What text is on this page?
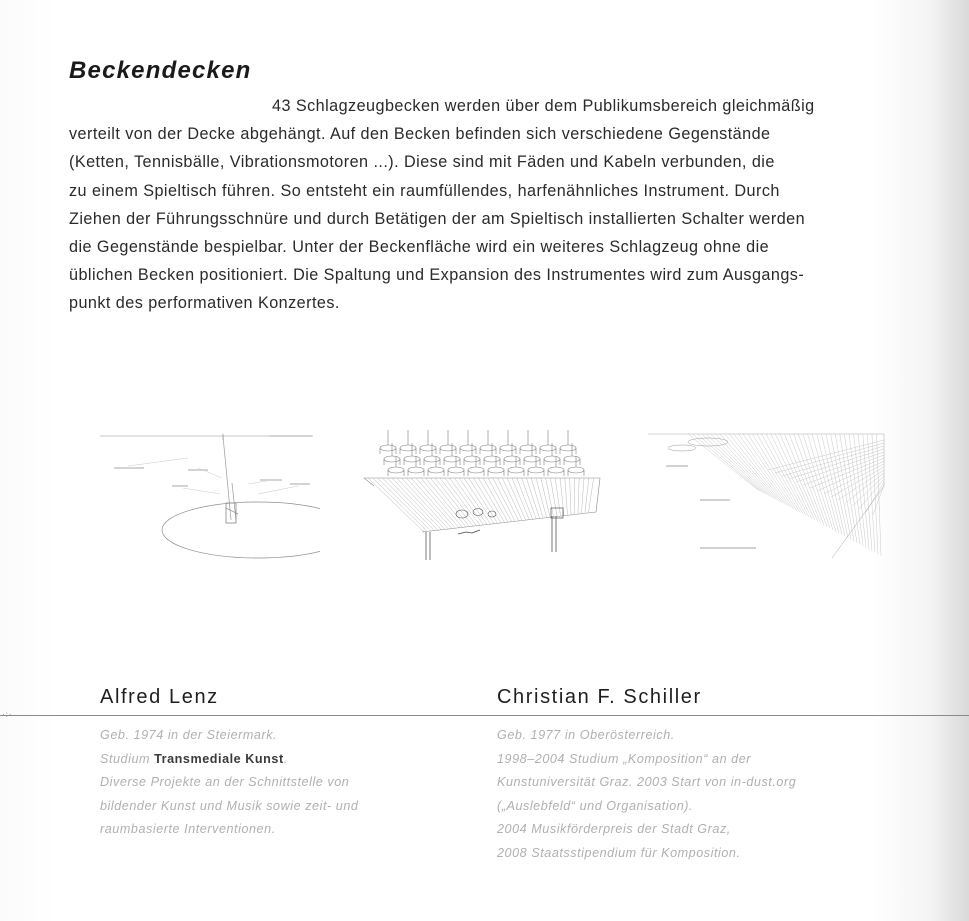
Beckendecken

43 Schlagzeugbecken werden über dem Publikumsbereich gleichmäßig
verteilt von der Decke abgehängt. Auf den Becken befinden sich verschiedene Gegenstände
(Ketten, Tennisbälle, Vibrationsmotoren ...). Diese sind mit Fäden und Kabeln verbunden, die
zu einem Spieltisch führen. So entsteht ein raumfüllendes, harfenähnliches Instrument. Durch
Ziehen der Führungsschnüre und durch Betätigen der am Spieltisch installierten Schalter werden
die Gegenstände bespielbar. Unter der Beckenfläche wird ein weiteres Schlagzeug ohne die
üblichen Becken positioniert. Die Spaltung und Expansion des Instrumentes wird zum Ausgangs-
punkt des performativen Konzertes.

Alfred Lenz	Christian F. Schiller

Geb. 1974 in der Steiermark.
Studium Transmediale Kunst.
Diverse Projekte an der Schnittstelle von
bildender Kunst und Musik sowie zeit- und
raumbasierte Interventionen.

Geb. 1977 in Oberösterreich.
1998–2004 Studium „Komposition“ an der
Kunstuniversität Graz. 2003 Start von in-dust.org
(„Auslebfeld“ und Organisation).
2004 Musikförderpreis der Stadt Graz,
2008 Staatsstipendium für Komposition.
